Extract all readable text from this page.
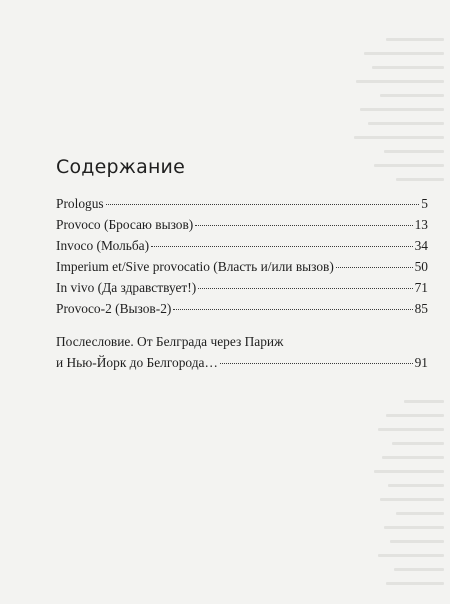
Содержание
Prologus	5
Provoco (Бросаю вызов)	13
Invoco (Мольба)	34
Imperium et/Sive provocatio (Власть и/или вызов)	50
In vivo (Да здравствует!)	71
Provoco-2 (Вызов-2)	85
Послесловие. От Белграда через Париж
и Нью-Йорк до Белгорода…	91
